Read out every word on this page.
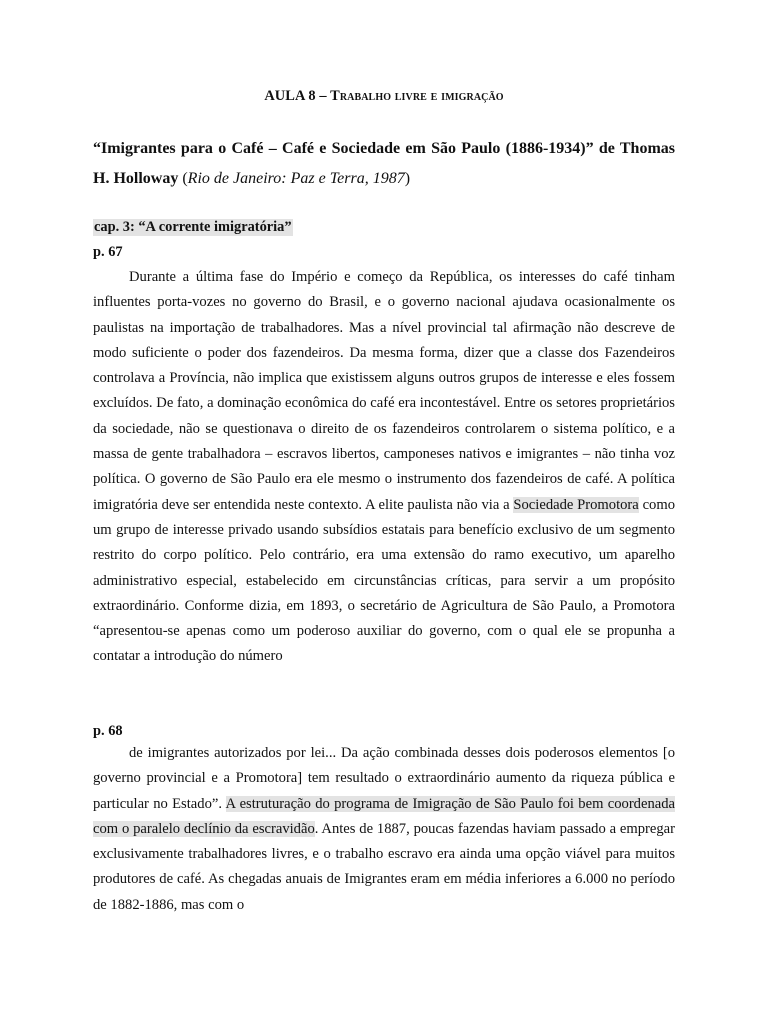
AULA 8 – Trabalho livre e imigração
“Imigrantes para o Café – Café e Sociedade em São Paulo (1886-1934)” de Thomas H. Holloway (Rio de Janeiro: Paz e Terra, 1987)
cap. 3: “A corrente imigratória”
p. 67
Durante a última fase do Império e começo da República, os interesses do café tinham influentes porta-vozes no governo do Brasil, e o governo nacional ajudava ocasionalmente os paulistas na importação de trabalhadores. Mas a nível provincial tal afirmação não descreve de modo suficiente o poder dos fazendeiros. Da mesma forma, dizer que a classe dos Fazendeiros controlava a Província, não implica que existissem alguns outros grupos de interesse e eles fossem excluídos. De fato, a dominação econômica do café era incontestável. Entre os setores proprietários da sociedade, não se questionava o direito de os fazendeiros controlarem o sistema político, e a massa de gente trabalhadora – escravos libertos, camponeses nativos e imigrantes – não tinha voz política. O governo de São Paulo era ele mesmo o instrumento dos fazendeiros de café. A política imigratória deve ser entendida neste contexto. A elite paulista não via a Sociedade Promotora como um grupo de interesse privado usando subsídios estatais para benefício exclusivo de um segmento restrito do corpo político. Pelo contrário, era uma extensão do ramo executivo, um aparelho administrativo especial, estabelecido em circunstâncias críticas, para servir a um propósito extraordinário. Conforme dizia, em 1893, o secretário de Agricultura de São Paulo, a Promotora “apresentou-se apenas como um poderoso auxiliar do governo, com o qual ele se propunha a contatar a introdução do número
p. 68
de imigrantes autorizados por lei... Da ação combinada desses dois poderosos elementos [o governo provincial e a Promotora] tem resultado o extraordinário aumento da riqueza pública e particular no Estado”. A estruturação do programa de Imigração de São Paulo foi bem coordenada com o paralelo declínio da escravidão. Antes de 1887, poucas fazendas haviam passado a empregar exclusivamente trabalhadores livres, e o trabalho escravo era ainda uma opção viável para muitos produtores de café. As chegadas anuais de Imigrantes eram em média inferiores a 6.000 no período de 1882-1886, mas com o
